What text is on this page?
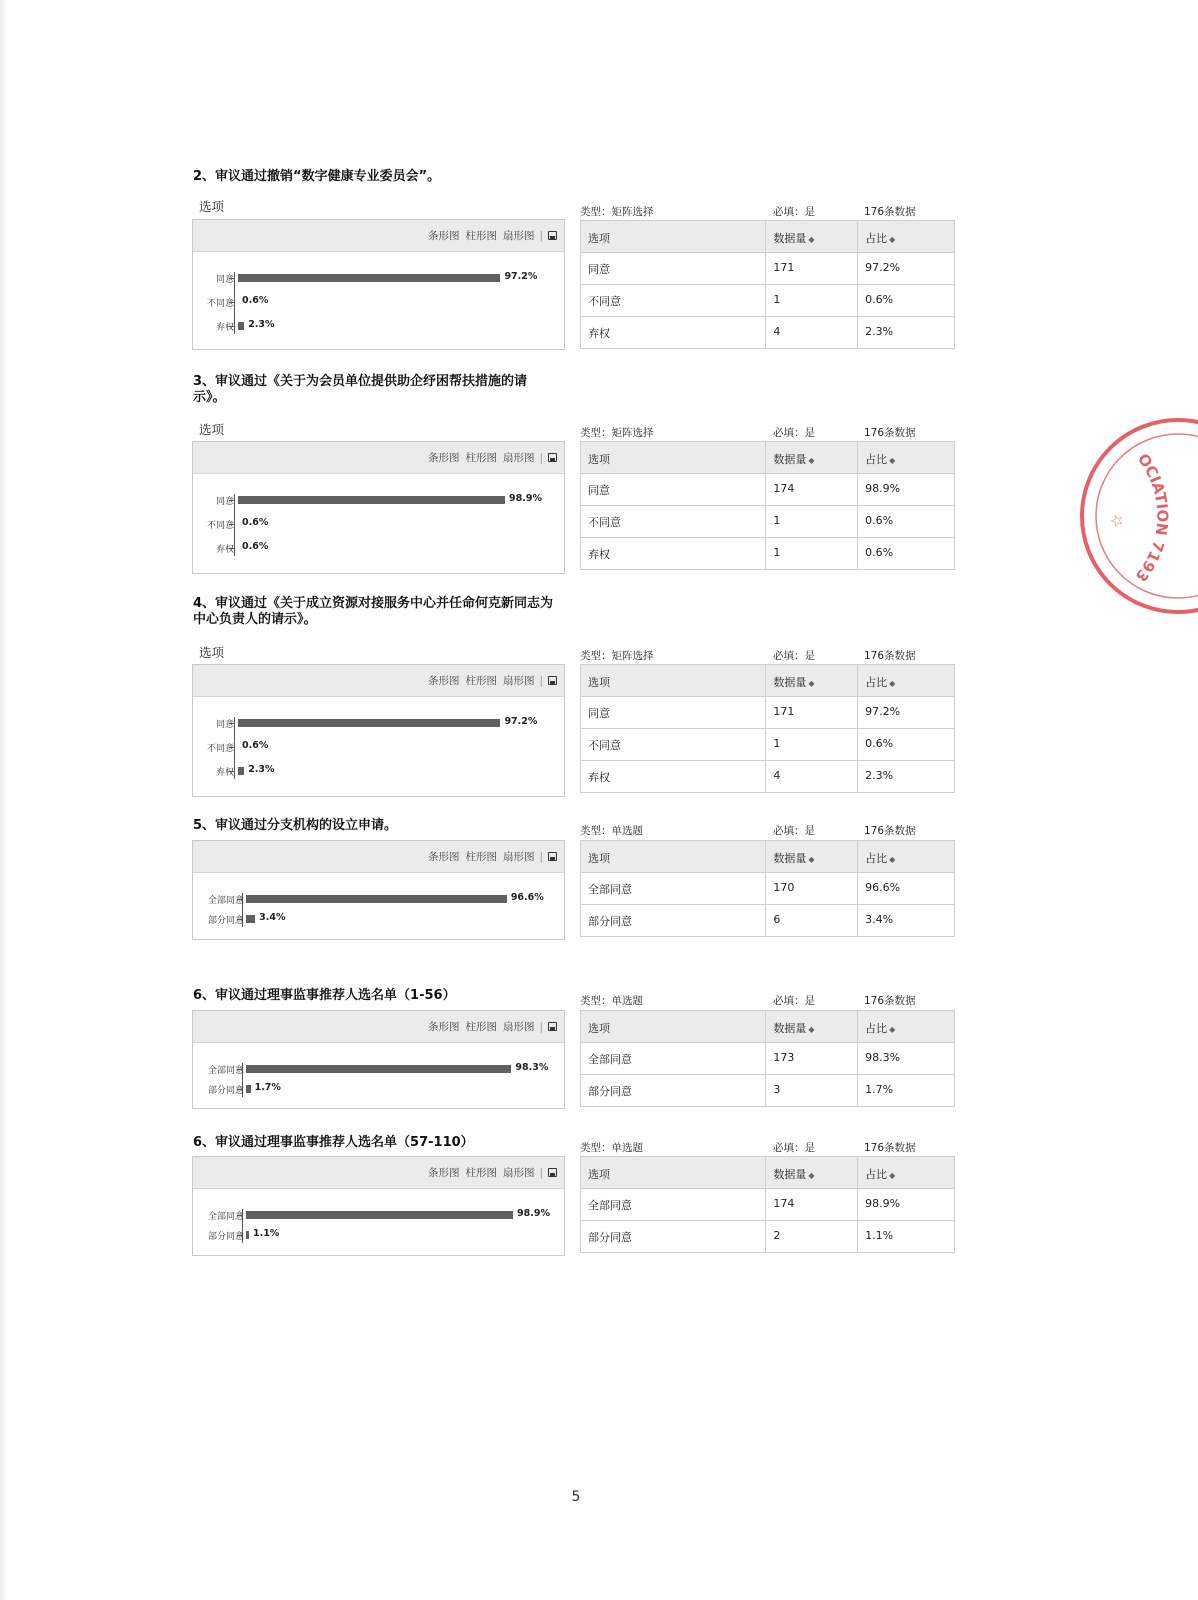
2、审议通过撤销“数字健康专业委员会”。
选项
条形图 柱形图 扇形图 |
同意	97.2%
不同意 0.6%
弃权 2.3%
类型：矩阵选择	必填：是	176条数据
选项	数据量 ◆	占比 ◆
同意	171	97.2%
不同意	1	0.6%
弃权	4	2.3%
3、审议通过《关于为会员单位提供助企纾困帮扶措施的请
示》。
选项
条形图 柱形图 扇形图 |
同意	98.9%
不同意 0.6%
弃权 0.6%
类型：矩阵选择	必填：是	176条数据
选项	数据量 ◆	占比 ◆
同意	174	98.9%
不同意	1	0.6%
弃权	1	0.6%
4、审议通过《关于成立资源对接服务中心并任命何克新同志为
中心负责人的请示》。
选项
条形图 柱形图 扇形图 |
同意	97.2%
不同意 0.6%
弃权 2.3%
类型：矩阵选择	必填：是	176条数据
选项	数据量 ◆	占比 ◆
同意	171	97.2%
不同意	1	0.6%
弃权	4	2.3%
5、审议通过分支机构的设立申请。
条形图 柱形图 扇形图 |
全部同意	96.6%
部分同意 3.4%
类型：单选题	必填：是	176条数据
选项	数据量 ◆	占比 ◆
全部同意	170	96.6%
部分同意	6	3.4%
6、审议通过理事监事推荐人选名单（1-56）
条形图 柱形图 扇形图 |
全部同意	98.3%
部分同意 1.7%
类型：单选题	必填：是	176条数据
选项	数据量 ◆	占比 ◆
全部同意	173	98.3%
部分同意	3	1.7%
6、审议通过理事监事推荐人选名单（57-110）
条形图 柱形图 扇形图 |
全部同意	98.9%
部分同意 1.1%
类型：单选题	必填：是	176条数据
选项	数据量 ◆	占比 ◆
全部同意	174	98.9%
部分同意	2	1.1%
5
OCIATION 7193
☆
